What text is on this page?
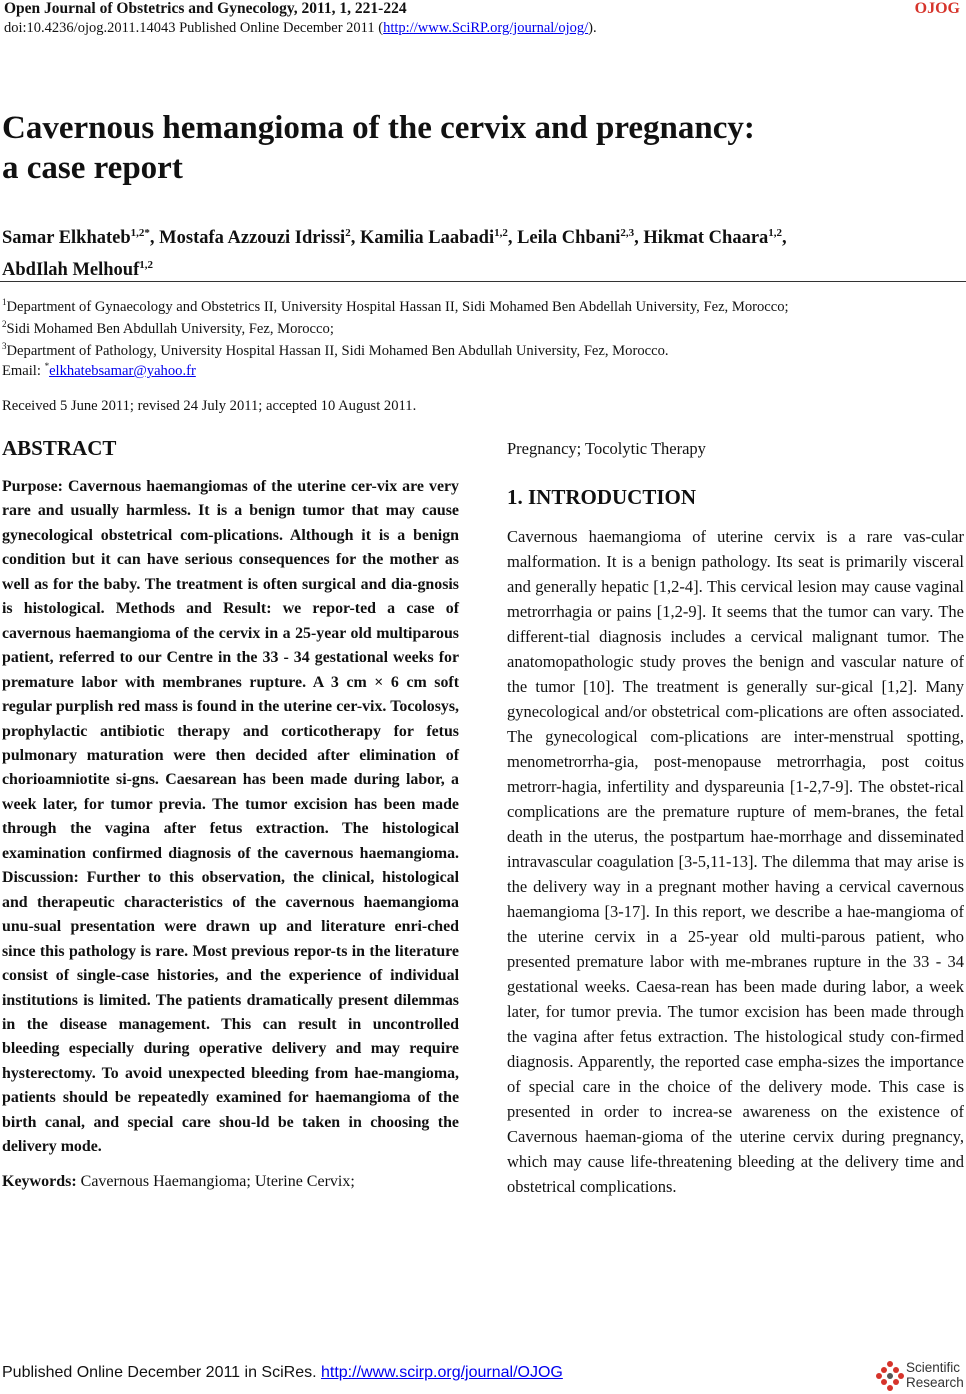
Open Journal of Obstetrics and Gynecology, 2011, 1, 221-224	OJOG
doi:10.4236/ojog.2011.14043 Published Online December 2011 (http://www.SciRP.org/journal/ojog/).
Cavernous hemangioma of the cervix and pregnancy:
a case report
Samar Elkhateb$^{1,2*}$, Mostafa Azzouzi Idrissi$^2$, Kamilia Laabadi$^{1,2}$, Leila Chbani$^{2,3}$, Hikmat Chaara$^{1,2}$,
AbdIlah Melhouf$^{1,2}$
$^1$Department of Gynaecology and Obstetrics II, University Hospital Hassan II, Sidi Mohamed Ben Abdellah University, Fez, Morocco;
$^2$Sidi Mohamed Ben Abdullah University, Fez, Morocco;
$^3$Department of Pathology, University Hospital Hassan II, Sidi Mohamed Ben Abdullah University, Fez, Morocco.
Email: *elkhatebsamar@yahoo.fr
Received 5 June 2011; revised 24 July 2011; accepted 10 August 2011.
ABSTRACT
Purpose: Cavernous haemangiomas of the uterine cer-vix are very rare and usually harmless. It is a benign tumor that may cause gynecological obstetrical com-plications. Although it is a benign condition but it can have serious consequences for the mother as well as for the baby. The treatment is often surgical and dia-gnosis is histological. Methods and Result: we repor-ted a case of cavernous haemangioma of the cervix in a 25-year old multiparous patient, referred to our Centre in the 33 - 34 gestational weeks for premature labor with membranes rupture. A 3 cm × 6 cm soft regular purplish red mass is found in the uterine cer-vix. Tocolosys, prophylactic antibiotic therapy and corticotherapy for fetus pulmonary maturation were then decided after elimination of chorioamniotite si-gns. Caesarean has been made during labor, a week later, for tumor previa. The tumor excision has been made through the vagina after fetus extraction. The histological examination confirmed diagnosis of the cavernous haemangioma. Discussion: Further to this observation, the clinical, histological and therapeutic characteristics of the cavernous haemangioma unu-sual presentation were drawn up and literature enri-ched since this pathology is rare. Most previous repor-ts in the literature consist of single-case histories, and the experience of individual institutions is limited. The patients dramatically present dilemmas in the disease management. This can result in uncontrolled bleeding especially during operative delivery and may require hysterectomy. To avoid unexpected bleeding from hae-mangioma, patients should be repeatedly examined for haemangioma of the birth canal, and special care shou-ld be taken in choosing the delivery mode.
Keywords: Cavernous Haemangioma; Uterine Cervix;
Pregnancy; Tocolytic Therapy
1. INTRODUCTION
Cavernous haemangioma of uterine cervix is a rare vas-cular malformation. It is a benign pathology. Its seat is primarily visceral and generally hepatic [1,2-4]. This cervical lesion may cause vaginal metrorrhagia or pains [1,2-9]. It seems that the tumor can vary. The different-tial diagnosis includes a cervical malignant tumor. The anatomopathologic study proves the benign and vascular nature of the tumor [10]. The treatment is generally sur-gical [1,2]. Many gynecological and/or obstetrical com-plications are often associated. The gynecological com-plications are inter-menstrual spotting, menometrorrha-gia, post-menopause metrorrhagia, post coitus metrorr-hagia, infertility and dyspareunia [1-2,7-9]. The obstet-rical complications are the premature rupture of mem-branes, the fetal death in the uterus, the postpartum hae-morrhage and disseminated intravascular coagulation [3-5,11-13]. The dilemma that may arise is the delivery way in a pregnant mother having a cervical cavernous haemangioma [3-17]. In this report, we describe a hae-mangioma of the uterine cervix in a 25-year old multi-parous patient, who presented premature labor with me-mbranes rupture in the 33 - 34 gestational weeks. Caesa-rean has been made during labor, a week later, for tumor previa. The tumor excision has been made through the vagina after fetus extraction. The histological study con-firmed diagnosis. Apparently, the reported case empha-sizes the importance of special care in the choice of the delivery mode. This case is presented in order to increa-se awareness on the existence of Cavernous haeman-gioma of the uterine cervix during pregnancy, which may cause life-threatening bleeding at the delivery time and obstetrical complications.
Published Online December 2011 in SciRes. http://www.scirp.org/journal/OJOG	Scientific
Research
